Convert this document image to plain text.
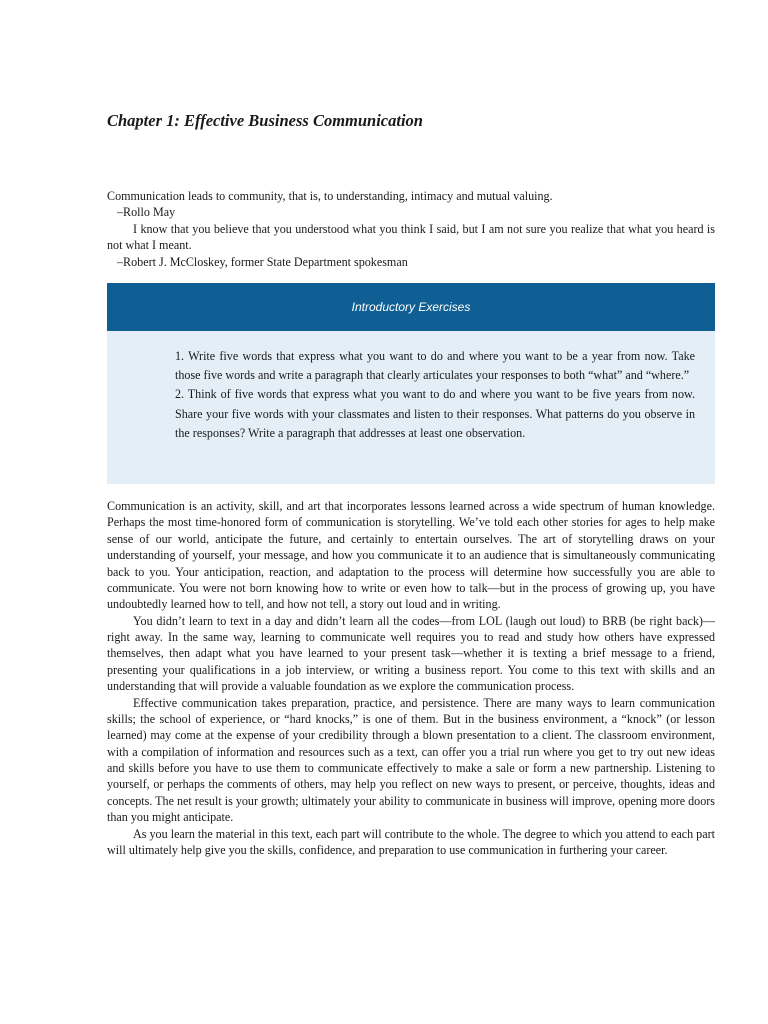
Chapter 1: Effective Business Communication

Communication leads to community, that is, to understanding, intimacy and mutual valuing.

–Rollo May

I know that you believe that you understood what you think I said, but I am not sure you realize that what you heard is not what I meant.

–Robert J. McCloskey, former State Department spokesman

Introductory Exercises

1. Write five words that express what you want to do and where you want to be a year from now. Take those five words and write a paragraph that clearly articulates your responses to both “what” and “where.”

2. Think of five words that express what you want to do and where you want to be five years from now. Share your five words with your classmates and listen to their responses. What patterns do you observe in the responses? Write a paragraph that addresses at least one observation.

Communication is an activity, skill, and art that incorporates lessons learned across a wide spectrum of human knowledge. Perhaps the most time-honored form of communication is storytelling. We’ve told each other stories for ages to help make sense of our world, anticipate the future, and certainly to entertain ourselves. The art of storytelling draws on your understanding of yourself, your message, and how you communicate it to an audience that is simultaneously communicating back to you. Your anticipation, reaction, and adaptation to the process will determine how successfully you are able to communicate. You were not born knowing how to write or even how to talk—but in the process of growing up, you have undoubtedly learned how to tell, and how not tell, a story out loud and in writing.

You didn’t learn to text in a day and didn’t learn all the codes—from LOL (laugh out loud) to BRB (be right back)—right away. In the same way, learning to communicate well requires you to read and study how others have expressed themselves, then adapt what you have learned to your present task—whether it is texting a brief message to a friend, presenting your qualifications in a job interview, or writing a business report. You come to this text with skills and an understanding that will provide a valuable foundation as we explore the communication process.

Effective communication takes preparation, practice, and persistence. There are many ways to learn communication skills; the school of experience, or “hard knocks,” is one of them. But in the business environment, a “knock” (or lesson learned) may come at the expense of your credibility through a blown presentation to a client. The classroom environment, with a compilation of information and resources such as a text, can offer you a trial run where you get to try out new ideas and skills before you have to use them to communicate effectively to make a sale or form a new partnership. Listening to yourself, or perhaps the comments of others, may help you reflect on new ways to present, or perceive, thoughts, ideas and concepts. The net result is your growth; ultimately your ability to communicate in business will improve, opening more doors than you might anticipate.

As you learn the material in this text, each part will contribute to the whole. The degree to which you attend to each part will ultimately help give you the skills, confidence, and preparation to use communication in furthering your career.
